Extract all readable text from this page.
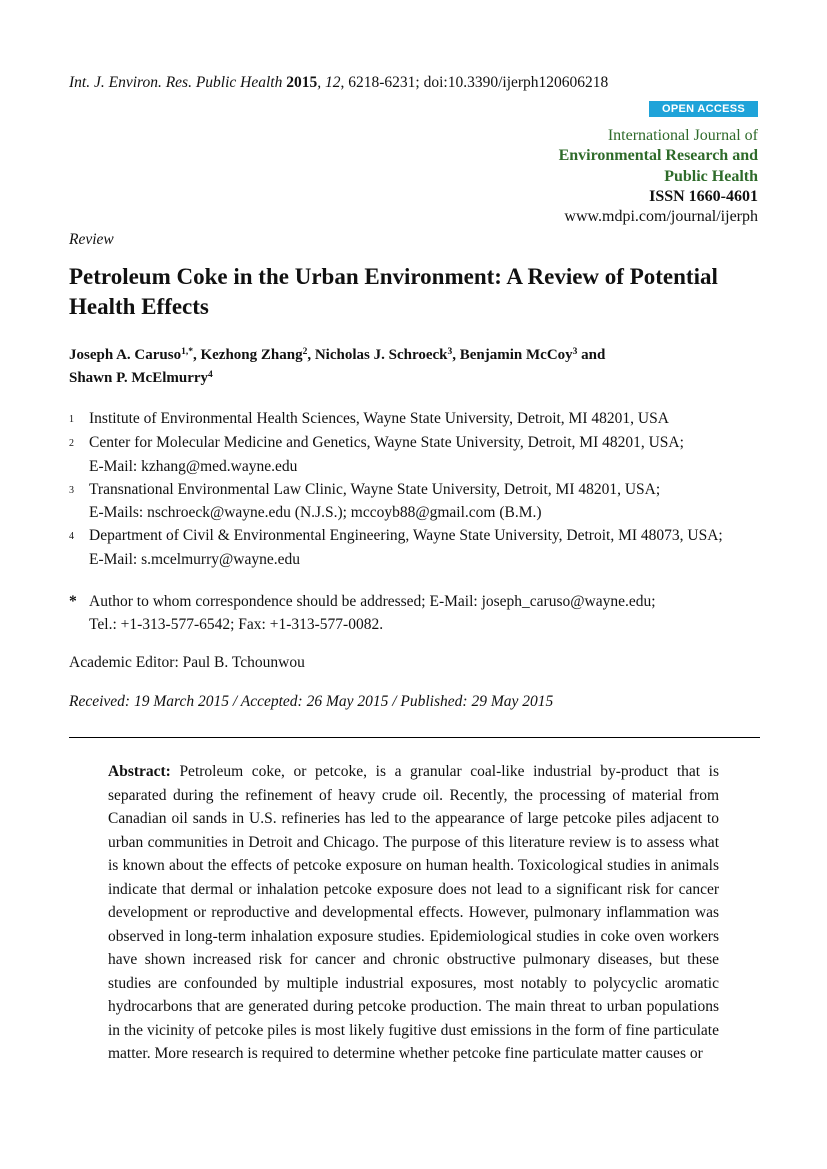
Int. J. Environ. Res. Public Health 2015, 12, 6218-6231; doi:10.3390/ijerph120606218
OPEN ACCESS
International Journal of
Environmental Research and
Public Health
ISSN 1660-4601
www.mdpi.com/journal/ijerph
Review
Petroleum Coke in the Urban Environment: A Review of Potential Health Effects
Joseph A. Caruso$^{1,*}$, Kezhong Zhang$^2$, Nicholas J. Schroeck$^3$, Benjamin McCoy$^3$ and
Shawn P. McElmurry$^4$
1 Institute of Environmental Health Sciences, Wayne State University, Detroit, MI 48201, USA
2 Center for Molecular Medicine and Genetics, Wayne State University, Detroit, MI 48201, USA;
E-Mail: kzhang@med.wayne.edu
3 Transnational Environmental Law Clinic, Wayne State University, Detroit, MI 48201, USA;
E-Mails: nschroeck@wayne.edu (N.J.S.); mccoyb88@gmail.com (B.M.)
4 Department of Civil & Environmental Engineering, Wayne State University, Detroit, MI 48073, USA;
E-Mail: s.mcelmurry@wayne.edu
* Author to whom correspondence should be addressed; E-Mail: joseph_caruso@wayne.edu;
Tel.: +1-313-577-6542; Fax: +1-313-577-0082.
Academic Editor: Paul B. Tchounwou
Received: 19 March 2015 / Accepted: 26 May 2015 / Published: 29 May 2015
Abstract: Petroleum coke, or petcoke, is a granular coal-like industrial by-product that is separated during the refinement of heavy crude oil. Recently, the processing of material from Canadian oil sands in U.S. refineries has led to the appearance of large petcoke piles adjacent to urban communities in Detroit and Chicago. The purpose of this literature review is to assess what is known about the effects of petcoke exposure on human health. Toxicological studies in animals indicate that dermal or inhalation petcoke exposure does not lead to a significant risk for cancer development or reproductive and developmental effects. However, pulmonary inflammation was observed in long-term inhalation exposure studies. Epidemiological studies in coke oven workers have shown increased risk for cancer and chronic obstructive pulmonary diseases, but these studies are confounded by multiple industrial exposures, most notably to polycyclic aromatic hydrocarbons that are generated during petcoke production. The main threat to urban populations in the vicinity of petcoke piles is most likely fugitive dust emissions in the form of fine particulate matter. More research is required to determine whether petcoke fine particulate matter causes or
